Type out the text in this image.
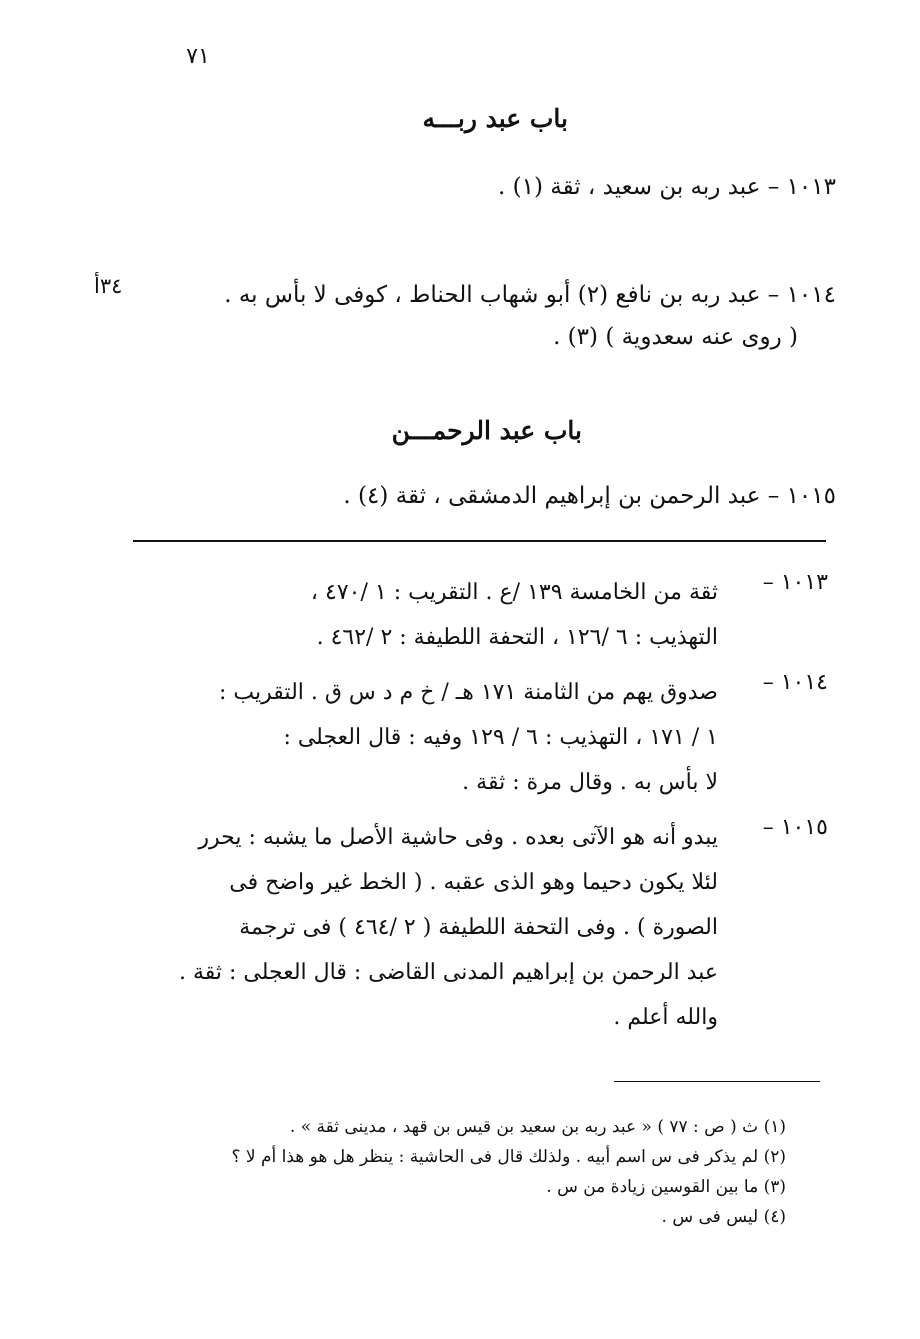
٧١
باب عبد ربـــه
١٠١٣ – عبد ربه بن سعيد ، ثقة (١) .
١٠١٤ – عبد ربه بن نافع (٢) أبو شهاب الحناط ، كوفى لا بأس به .
( روى عنه سعدوية ) (٣) .
٣٤أ
باب عبد الرحمـــن
١٠١٥ – عبد الرحمن بن إبراهيم الدمشقى ، ثقة (٤) .
١٠١٣ –
ثقة من الخامسة ١٣٩ /ع . التقريب : ١ /٤٧٠ ،
التهذيب : ٦ /١٢٦ ، التحفة اللطيفة : ٢ /٤٦٢ .
١٠١٤ –
صدوق يهم من الثامنة ١٧١ هـ / خ م د س ق . التقريب :
١ / ١٧١ ، التهذيب : ٦ / ١٢٩ وفيه : قال العجلى :
لا بأس به . وقال مرة : ثقة .
١٠١٥ –
يبدو أنه هو الآتى بعده . وفى حاشية الأصل ما يشبه : يحرر
لئلا يكون دحيما وهو الذى عقبه . ( الخط غير واضح فى
الصورة ) . وفى التحفة اللطيفة ( ٢ /٤٦٤ ) فى ترجمة
عبد الرحمن بن إبراهيم المدنى القاضى : قال العجلى : ثقة .
والله أعلم .
(١) ث ( ص : ٧٧ ) « عبد ربه بن سعيد بن قيس بن قهد ، مدينى ثقة » .
(٢) لم يذكر فى س اسم أبيه . ولذلك قال فى الحاشية : ينظر هل هو هذا أم لا ؟
(٣) ما بين القوسين زيادة من س .
(٤) ليس فى س .
